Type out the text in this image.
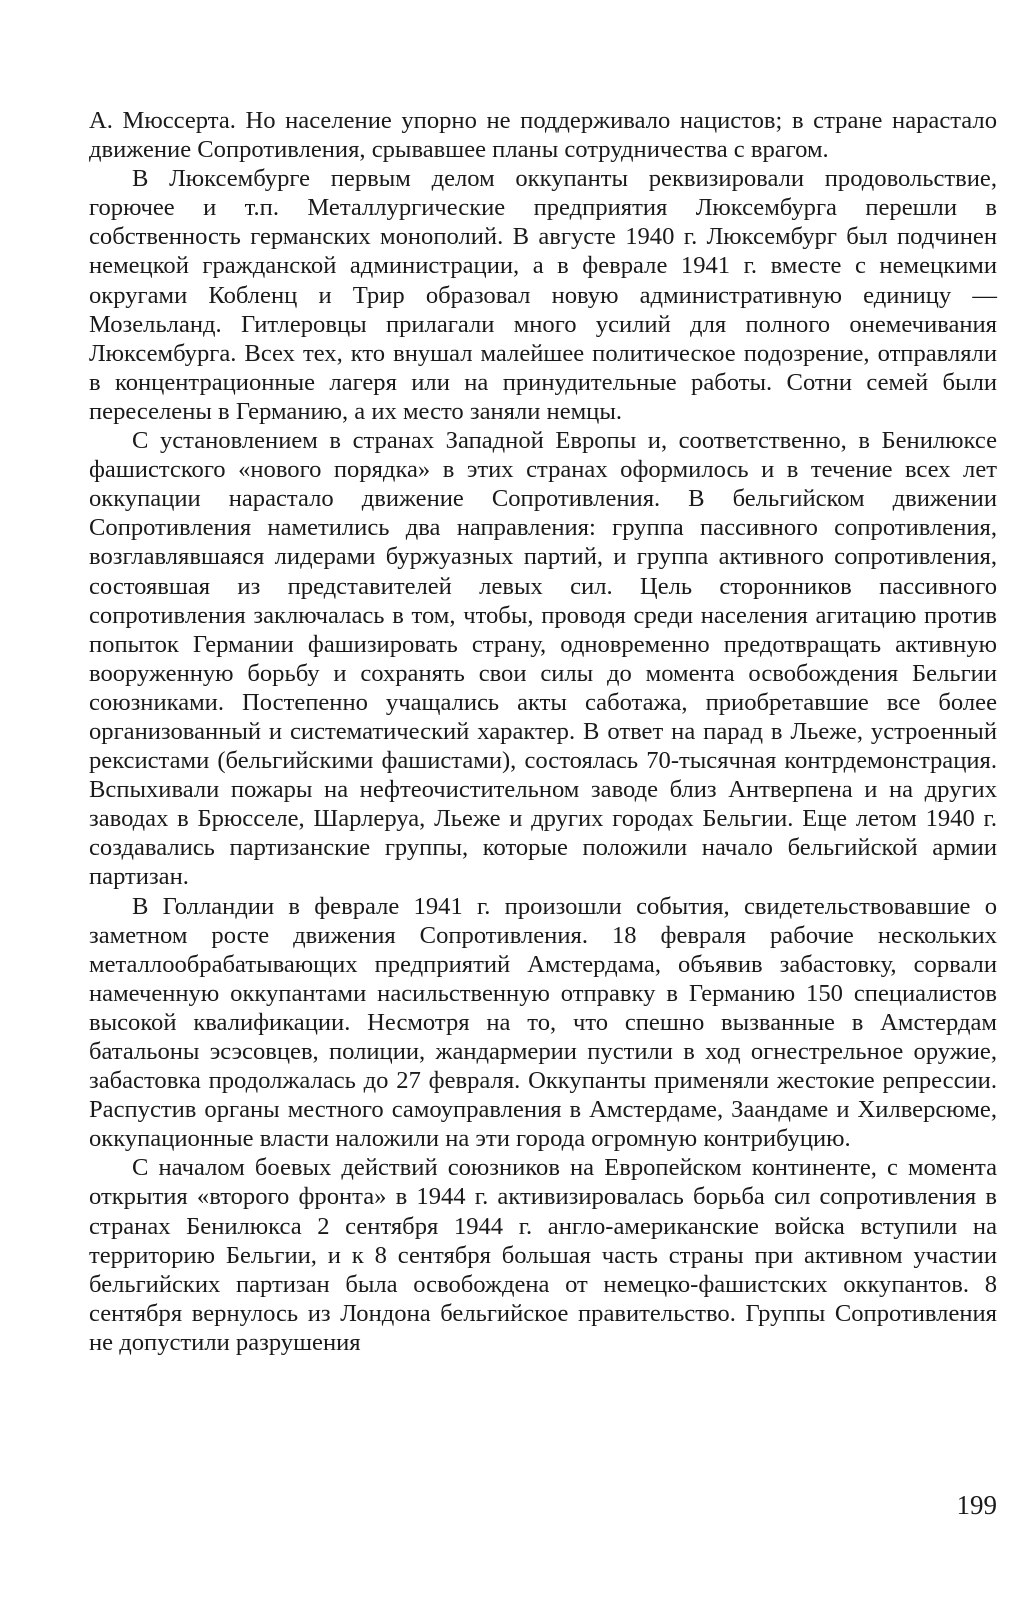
А. Мюссерта. Но население упорно не поддерживало нацистов; в стране нарастало движение Сопротивления, срывавшее планы сотрудничества с врагом.

В Люксембурге первым делом оккупанты реквизировали продовольствие, горючее и т.п. Металлургические предприятия Люксембурга перешли в собственность германских монополий. В августе 1940 г. Люксембург был подчинен немецкой гражданской администрации, а в феврале 1941 г. вместе с немецкими округами Кобленц и Трир образовал новую административную единицу — Мозельланд. Гитлеровцы прилагали много усилий для полного онемечивания Люксембурга. Всех тех, кто внушал малейшее политическое подозрение, отправляли в концентрационные лагеря или на принудительные работы. Сотни семей были переселены в Германию, а их место заняли немцы.

С установлением в странах Западной Европы и, соответственно, в Бенилюксе фашистского «нового порядка» в этих странах оформилось и в течение всех лет оккупации нарастало движение Сопротивления. В бельгийском движении Сопротивления наметились два направления: группа пассивного сопротивления, возглавлявшаяся лидерами буржуазных партий, и группа активного сопротивления, состоявшая из представителей левых сил. Цель сторонников пассивного сопротивления заключалась в том, чтобы, проводя среди населения агитацию против попыток Германии фашизировать страну, одновременно предотвращать активную вооруженную борьбу и сохранять свои силы до момента освобождения Бельгии союзниками. Постепенно учащались акты саботажа, приобретавшие все более организованный и систематический характер. В ответ на парад в Льеже, устроенный рексистами (бельгийскими фашистами), состоялась 70-тысячная контрдемонстрация. Вспыхивали пожары на нефтеочистительном заводе близ Антверпена и на других заводах в Брюсселе, Шарлеруа, Льеже и других городах Бельгии. Еще летом 1940 г. создавались партизанские группы, которые положили начало бельгийской армии партизан.

В Голландии в феврале 1941 г. произошли события, свидетельствовавшие о заметном росте движения Сопротивления. 18 февраля рабочие нескольких металлообрабатывающих предприятий Амстердама, объявив забастовку, сорвали намеченную оккупантами насильственную отправку в Германию 150 специалистов высокой квалификации. Несмотря на то, что спешно вызванные в Амстердам батальоны эсэсовцев, полиции, жандармерии пустили в ход огнестрельное оружие, забастовка продолжалась до 27 февраля. Оккупанты применяли жестокие репрессии. Распустив органы местного самоуправления в Амстердаме, Заандаме и Хилверсюме, оккупационные власти наложили на эти города огромную контрибуцию.

С началом боевых действий союзников на Европейском континенте, с момента открытия «второго фронта» в 1944 г. активизировалась борьба сил сопротивления в странах Бенилюкса 2 сентября 1944 г. англо-американские войска вступили на территорию Бельгии, и к 8 сентября большая часть страны при активном участии бельгийских партизан была освобождена от немецко-фашистских оккупантов. 8 сентября вернулось из Лондона бельгийское правительство. Группы Сопротивления не допустили разрушения

199
